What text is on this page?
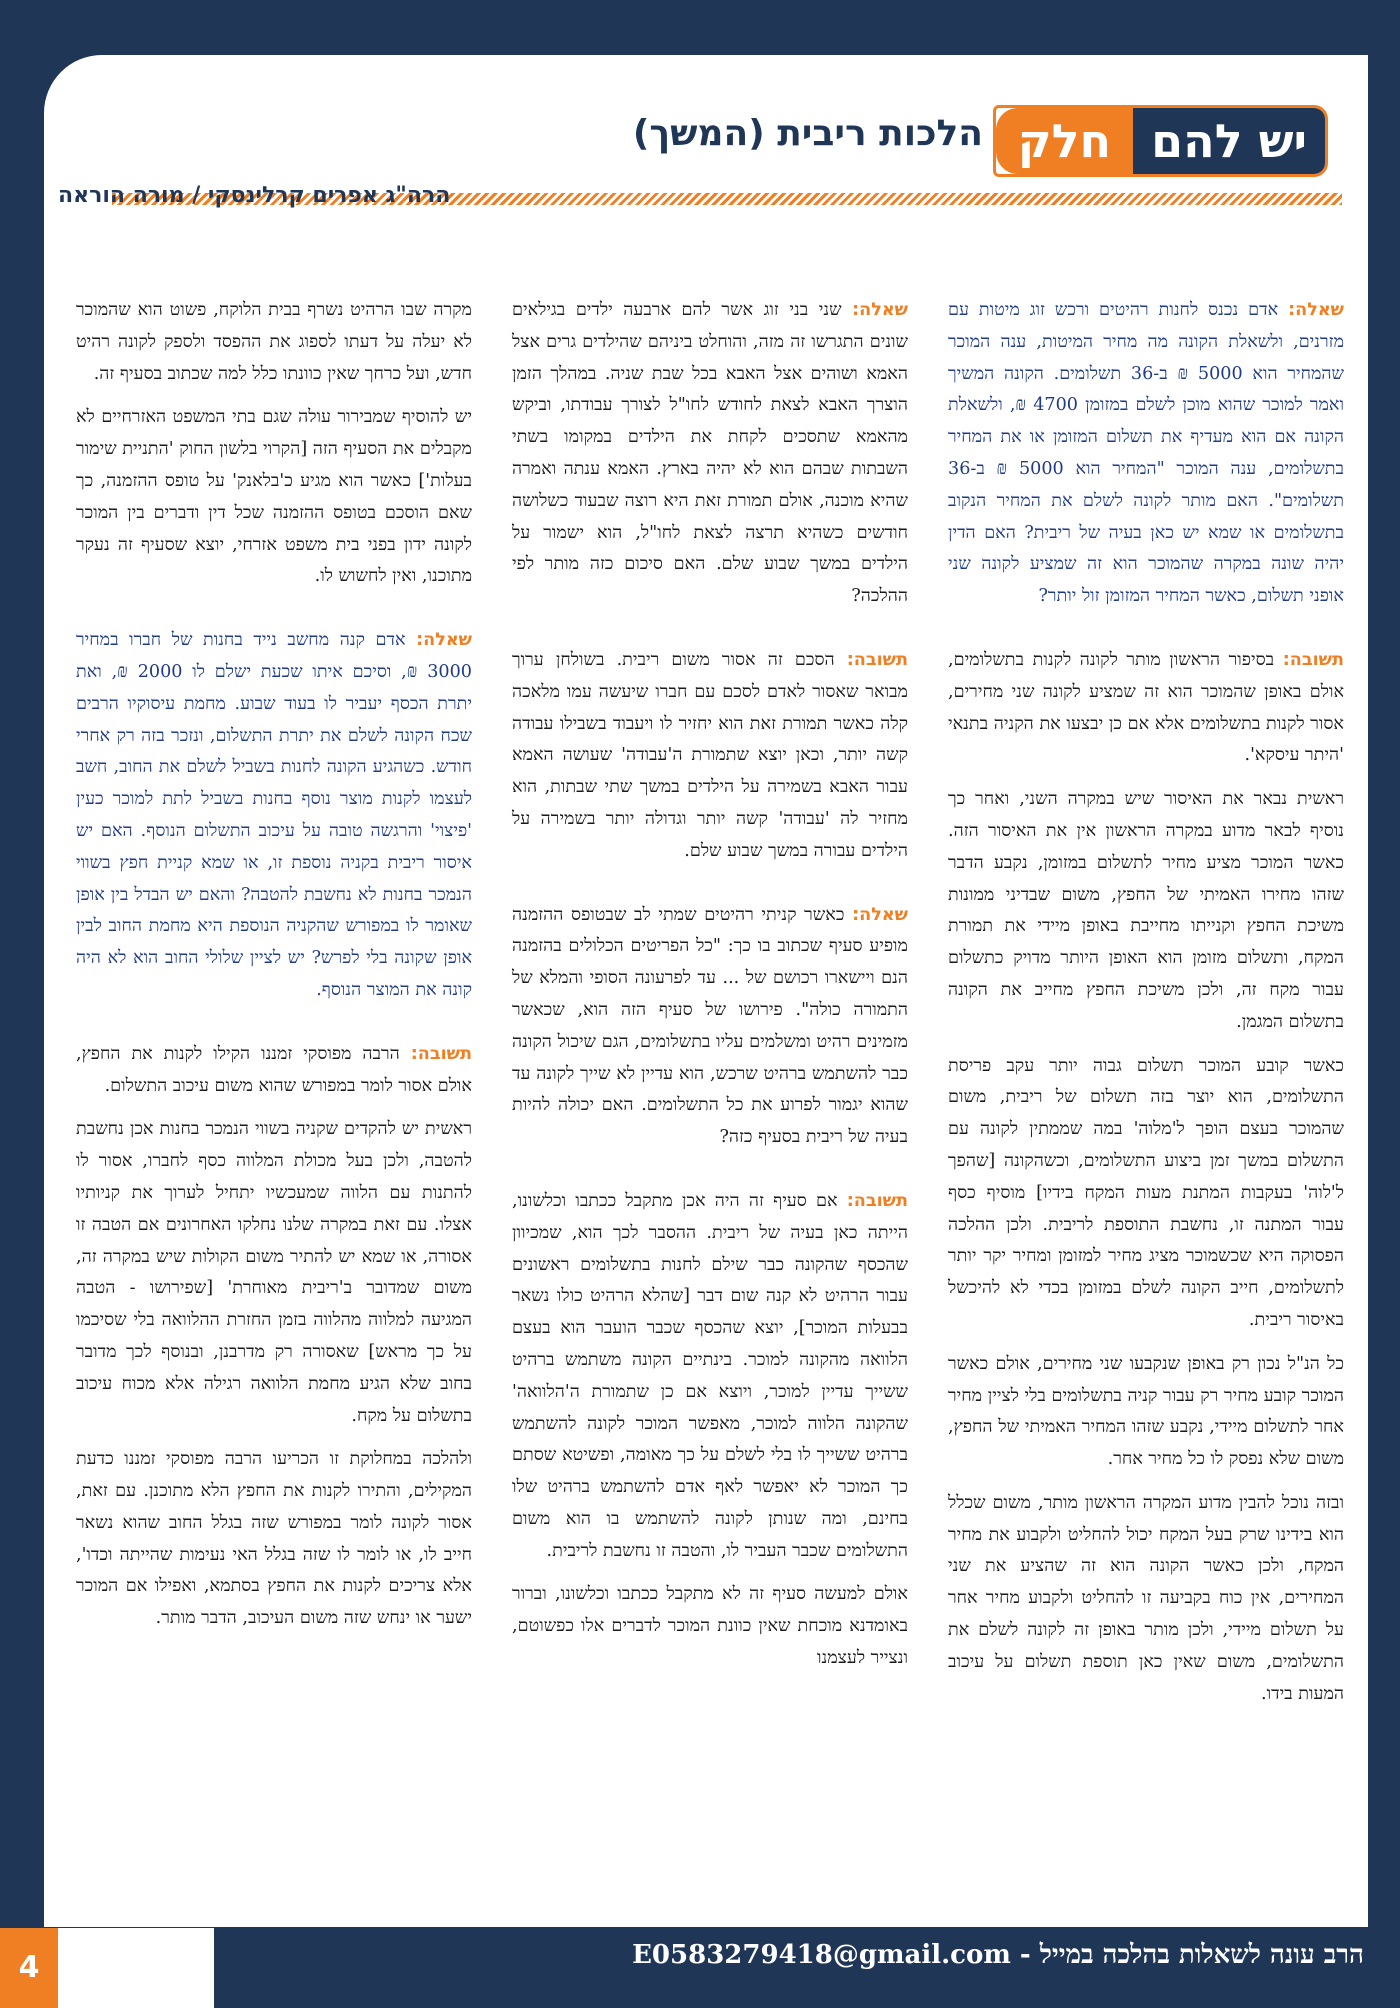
יש להם
חלק
הלכות ריבית (המשך)
הרה"ג אפרים קרלינסקי / מורה הוראה

שאלה: אדם נכנס לחנות רהיטים ורכש זוג מיטות עם מזרנים, ולשאלת הקונה מה מחיר המיטות, ענה המוכר שהמחיר הוא 5000 ₪ ב-36 תשלומים. הקונה המשיך ואמר למוכר שהוא מוכן לשלם במזומן 4700 ₪, ולשאלת הקונה אם הוא מעדיף את תשלום המזומן או את המחיר בתשלומים, ענה המוכר "המחיר הוא 5000 ₪ ב-36 תשלומים". האם מותר לקונה לשלם את המחיר הנקוב בתשלומים או שמא יש כאן בעיה של ריבית? האם הדין יהיה שונה במקרה שהמוכר הוא זה שמציע לקונה שני אופני תשלום, כאשר המחיר המזומן זול יותר?

תשובה: בסיפור הראשון מותר לקונה לקנות בתשלומים, אולם באופן שהמוכר הוא זה שמציע לקונה שני מחירים, אסור לקנות בתשלומים אלא אם כן יבצעו את הקניה בתנאי 'היתר עיסקא'.

ראשית נבאר את האיסור שיש במקרה השני, ואחר כך נוסיף לבאר מדוע במקרה הראשון אין את האיסור הזה. כאשר המוכר מציע מחיר לתשלום במזומן, נקבע הדבר שזהו מחירו האמיתי של החפץ, משום שבדיני ממונות משיכת החפץ וקנייתו מחייבת באופן מיידי את תמורת המקח, ותשלום מזומן הוא האופן היותר מדויק כתשלום עבור מקח זה, ולכן משיכת החפץ מחייב את הקונה בתשלום המגמן.

כאשר קובע המוכר תשלום גבוה יותר עקב פריסת התשלומים, הוא יוצר בזה תשלום של ריבית, משום שהמוכר בעצם הופך ל'מלוה' במה שממתין לקונה עם התשלום במשך זמן ביצוע התשלומים, וכשהקונה [שהפך ל'לוה' בעקבות המתנת מעות המקח בידיו] מוסיף כסף עבור המתנה זו, נחשבת התוספת לריבית. ולכן ההלכה הפסוקה היא שכשמוכר מציג מחיר למזומן ומחיר יקר יותר לתשלומים, חייב הקונה לשלם במזומן בכדי לא להיכשל באיסור ריבית.

כל הנ"ל נכון רק באופן שנקבעו שני מחירים, אולם כאשר המוכר קובע מחיר רק עבור קניה בתשלומים בלי לציין מחיר אחר לתשלום מיידי, נקבע שזהו המחיר האמיתי של החפץ, משום שלא נפסק לו כל מחיר אחר.

ובזה נוכל להבין מדוע המקרה הראשון מותר, משום שכלל הוא בידינו שרק בעל המקח יכול להחליט ולקבוע את מחיר המקח, ולכן כאשר הקונה הוא זה שהציע את שני המחירים, אין כוח בקביעה זו להחליט ולקבוע מחיר אחר על תשלום מיידי, ולכן מותר באופן זה לקונה לשלם את התשלומים, משום שאין כאן תוספת תשלום על עיכוב המעות בידו.

שאלה: שני בני זוג אשר להם ארבעה ילדים בגילאים שונים התגרשו זה מזה, והוחלט ביניהם שהילדים גרים אצל האמא ושוהים אצל האבא בכל שבת שניה. במהלך הזמן הוצרך האבא לצאת לחודש לחו"ל לצורך עבודתו, וביקש מהאמא שתסכים לקחת את הילדים במקומו בשתי השבתות שבהם הוא לא יהיה בארץ. האמא ענתה ואמרה שהיא מוכנה, אולם תמורת זאת היא רוצה שבעוד כשלושה חודשים כשהיא תרצה לצאת לחו"ל, הוא ישמור על הילדים במשך שבוע שלם. האם סיכום כזה מותר לפי ההלכה?

תשובה: הסכם זה אסור משום ריבית. בשולחן ערוך מבואר שאסור לאדם לסכם עם חברו שיעשה עמו מלאכה קלה כאשר תמורת זאת הוא יחזיר לו ויעבוד בשבילו עבודה קשה יותר, וכאן יוצא שתמורת ה'עבודה' שעושה האמא עבור האבא בשמירה על הילדים במשך שתי שבתות, הוא מחזיר לה 'עבודה' קשה יותר וגדולה יותר בשמירה על הילדים עבורה במשך שבוע שלם.

שאלה: כאשר קניתי רהיטים שמתי לב שבטופס ההזמנה מופיע סעיף שכתוב בו כך: "כל הפריטים הכלולים בהזמנה הנם ויישארו רכושם של ... עד לפרעונה הסופי והמלא של התמורה כולה". פירושו של סעיף הזה הוא, שכאשר מזמינים רהיט ומשלמים עליו בתשלומים, הגם שיכול הקונה כבר להשתמש ברהיט שרכש, הוא עדיין לא שייך לקונה עד שהוא יגמור לפרוע את כל התשלומים. האם יכולה להיות בעיה של ריבית בסעיף כזה?

תשובה: אם סעיף זה היה אכן מתקבל ככתבו וכלשונו, הייתה כאן בעיה של ריבית. ההסבר לכך הוא, שמכיוון שהכסף שהקונה כבר שילם לחנות בתשלומים ראשונים עבור הרהיט לא קנה שום דבר [שהלא הרהיט כולו נשאר בבעלות המוכר], יוצא שהכסף שכבר הועבר הוא בעצם הלוואה מהקונה למוכר. בינתיים הקונה משתמש ברהיט ששייך עדיין למוכר, ויוצא אם כן שתמורת ה'הלוואה' שהקונה הלווה למוכר, מאפשר המוכר לקונה להשתמש ברהיט ששייך לו בלי לשלם על כך מאומה, ופשיטא שסתם כך המוכר לא יאפשר לאף אדם להשתמש ברהיט שלו בחינם, ומה שנותן לקונה להשתמש בו הוא משום התשלומים שכבר העביר לו, והטבה זו נחשבת לריבית.

אולם למעשה סעיף זה לא מתקבל ככתבו וכלשונו, וברור באומדנא מוכחת שאין כוונת המוכר לדברים אלו כפשוטם, ונצייר לעצמנו

מקרה שבו הרהיט נשרף בבית הלוקח, פשוט הוא שהמוכר לא יעלה על דעתו לספוג את ההפסד ולספק לקונה רהיט חדש, ועל כרחך שאין כוונתו כלל למה שכתוב בסעיף זה.

יש להוסיף שמבירור עולה שגם בתי המשפט האזרחיים לא מקבלים את הסעיף הזה [הקרוי בלשון החוק 'התניית שימור בעלות'] כאשר הוא מגיע כ'בלאנק' על טופס ההזמנה, כך שאם הוסכם בטופס ההזמנה שכל דין ודברים בין המוכר לקונה ידון בפני בית משפט אזרחי, יוצא שסעיף זה נעקר מתוכנו, ואין לחשוש לו.

שאלה: אדם קנה מחשב נייד בחנות של חברו במחיר 3000 ₪, וסיכם איתו שכעת ישלם לו 2000 ₪, ואת יתרת הכסף יעביר לו בעוד שבוע. מחמת עיסוקיו הרבים שכח הקונה לשלם את יתרת התשלום, ונזכר בזה רק אחרי חודש. כשהגיע הקונה לחנות בשביל לשלם את החוב, חשב לעצמו לקנות מוצר נוסף בחנות בשביל לתת למוכר כעין 'פיצוי' והרגשה טובה על עיכוב התשלום הנוסף. האם יש איסור ריבית בקניה נוספת זו, או שמא קניית חפץ בשווי הנמכר בחנות לא נחשבת להטבה? והאם יש הבדל בין אופן שאומר לו במפורש שהקניה הנוספת היא מחמת החוב לבין אופן שקונה בלי לפרש? יש לציין שלולי החוב הוא לא היה קונה את המוצר הנוסף.

תשובה: הרבה מפוסקי זמננו הקילו לקנות את החפץ, אולם אסור לומר במפורש שהוא משום עיכוב התשלום.

ראשית יש להקדים שקניה בשווי הנמכר בחנות אכן נחשבת להטבה, ולכן בעל מכולת המלווה כסף לחברו, אסור לו להתנות עם הלווה שמעכשיו יתחיל לערוך את קניותיו אצלו. עם זאת במקרה שלנו נחלקו האחרונים אם הטבה זו אסורה, או שמא יש להתיר משום הקולות שיש במקרה זה, משום שמדובר ב'ריבית מאוחרת' [שפירושו - הטבה המגיעה למלווה מהלווה בזמן החזרת ההלוואה בלי שסיכמו על כך מראש] שאסורה רק מדרבנן, ובנוסף לכך מדובר בחוב שלא הגיע מחמת הלוואה רגילה אלא מכוח עיכוב בתשלום על מקח.

ולהלכה במחלוקת זו הכריעו הרבה מפוסקי זמננו כדעת המקילים, והתירו לקנות את החפץ הלא מתוכנן. עם זאת, אסור לקונה לומר במפורש שזה בגלל החוב שהוא נשאר חייב לו, או לומר לו שזה בגלל האי נעימות שהייתה וכדו', אלא צריכים לקנות את החפץ בסתמא, ואפילו אם המוכר ישער או ינחש שזה משום העיכוב, הדבר מותר.

הרב עונה לשאלות בהלכה במייל - E0583279418@gmail.com
4
